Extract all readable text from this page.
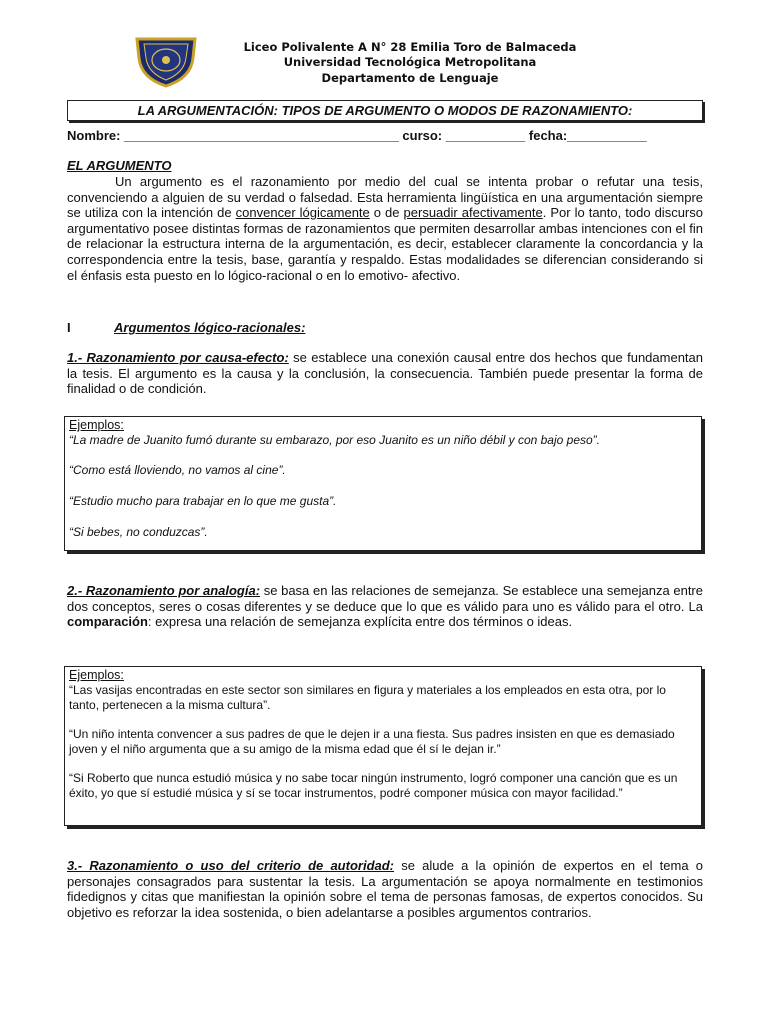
Liceo Polivalente A N° 28 Emilia Toro de Balmaceda
Universidad Tecnológica Metropolitana
Departamento de Lenguaje
LA ARGUMENTACIÓN: TIPOS DE ARGUMENTO O MODOS DE RAZONAMIENTO:
Nombre: ______________________________________ curso: ___________ fecha:___________
EL ARGUMENTO
Un argumento es el razonamiento por medio del cual se intenta probar o refutar una tesis, convenciendo a alguien de su verdad o falsedad. Esta herramienta lingüística en una argumentación siempre se utiliza con la intención de convencer lógicamente o de persuadir afectivamente. Por lo tanto, todo discurso argumentativo posee distintas formas de razonamientos que permiten desarrollar ambas intenciones con el fin de relacionar la estructura interna de la argumentación, es decir, establecer claramente la concordancia y la correspondencia entre la tesis, base, garantía y respaldo. Estas modalidades se diferencian considerando si el énfasis esta puesto en lo lógico-racional o en lo emotivo- afectivo.
I	Argumentos lógico-racionales:
1.- Razonamiento por causa-efecto: se establece una conexión causal entre dos hechos que fundamentan la tesis. El argumento es la causa y la conclusión, la consecuencia. También puede presentar la forma de finalidad o de condición.
Ejemplos:
“La madre de Juanito fumó durante su embarazo, por eso Juanito es un niño débil y con bajo peso”.
“Como está lloviendo, no vamos al cine”.
“Estudio mucho para trabajar en lo que me gusta”.
“Si bebes, no conduzcas”.
2.- Razonamiento por analogía: se basa en las relaciones de semejanza. Se establece una semejanza entre dos conceptos, seres o cosas diferentes y se deduce que lo que es válido para uno es válido para el otro. La comparación: expresa una relación de semejanza explícita entre dos términos o ideas.
Ejemplos:
“Las vasijas encontradas en este sector son similares en figura y materiales a los empleados en esta otra, por lo tanto, pertenecen a la misma cultura”.
“Un niño intenta convencer a sus padres de que le dejen ir a una fiesta. Sus padres insisten en que es demasiado joven y el niño argumenta que a su amigo de la misma edad que él sí le dejan ir.”
“Si Roberto que nunca estudió música y no sabe tocar ningún instrumento, logró componer una canción que es un éxito, yo que sí estudié música y sí se tocar instrumentos, podré componer música con mayor facilidad.”
3.- Razonamiento o uso del criterio de autoridad: se alude a la opinión de expertos en el tema o personajes consagrados para sustentar la tesis. La argumentación se apoya normalmente en testimonios fidedignos y citas que manifiestan la opinión sobre el tema de personas famosas, de expertos conocidos. Su objetivo es reforzar la idea sostenida, o bien adelantarse a posibles argumentos contrarios.
